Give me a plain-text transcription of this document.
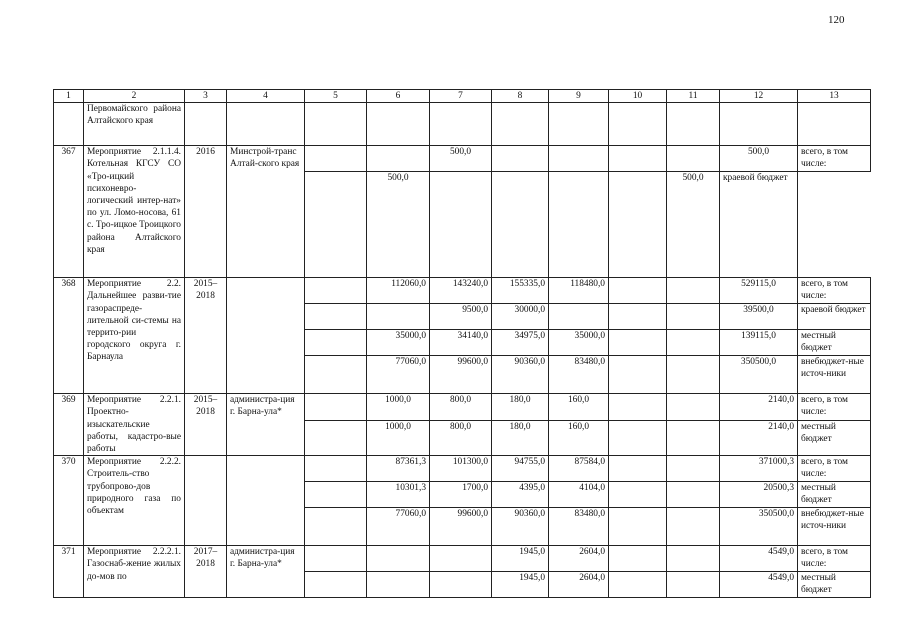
120
1	2	3	4	5	6	7	8	9	10	11	12	13
	Первомайского района Алтайского края											
367	Мероприятие 2.1.1.4. Котельная КГСУ СО «Тро-ицкий психоневро-логический интер-нат» по ул. Ломо-носова, 61 с. Тро-ицкое Троицкого района Алтайского края	2016	Минстрой-транс Алтай-ского края			500,0					500,0	всего, в том числе:
					500,0					500,0	краевой бюджет	
368	Мероприятие 2.2. Дальнейшее разви-тие газораспреде-лительной си-стемы на террито-рии городского округа г. Барнаула	2015–2018			112060,0	143240,0	155335,0	118480,0			529115,0	всего, в том числе:
						9500,0	30000,0				39500,0	краевой бюджет
					35000,0	34140,0	34975,0	35000,0			139115,0	местный бюджет
					77060,0	99600,0	90360,0	83480,0			350500,0	внебюджет-ные источ-ники
369	Мероприятие 2.2.1. Проектно-изыскательские работы, кадастро-вые работы	2015–2018	администра-ция г. Барна-ула*		1000,0	800,0	180,0	160,0			2140,0	всего, в том числе:
					1000,0	800,0	180,0	160,0			2140,0	местный бюджет
370	Мероприятие 2.2.2. Строитель-ство трубопрово-дов природного газа по объектам				87361,3	101300,0	94755,0	87584,0			371000,3	всего, в том числе:
					10301,3	1700,0	4395,0	4104,0			20500,3	местный бюджет
					77060,0	99600,0	90360,0	83480,0			350500,0	внебюджет-ные источ-ники
371	Мероприятие 2.2.2.1. Газоснаб-жение жилых до-мов по	2017–2018	администра-ция г. Барна-ула*				1945,0	2604,0			4549,0	всего, в том числе:
							1945,0	2604,0			4549,0	местный бюджет
